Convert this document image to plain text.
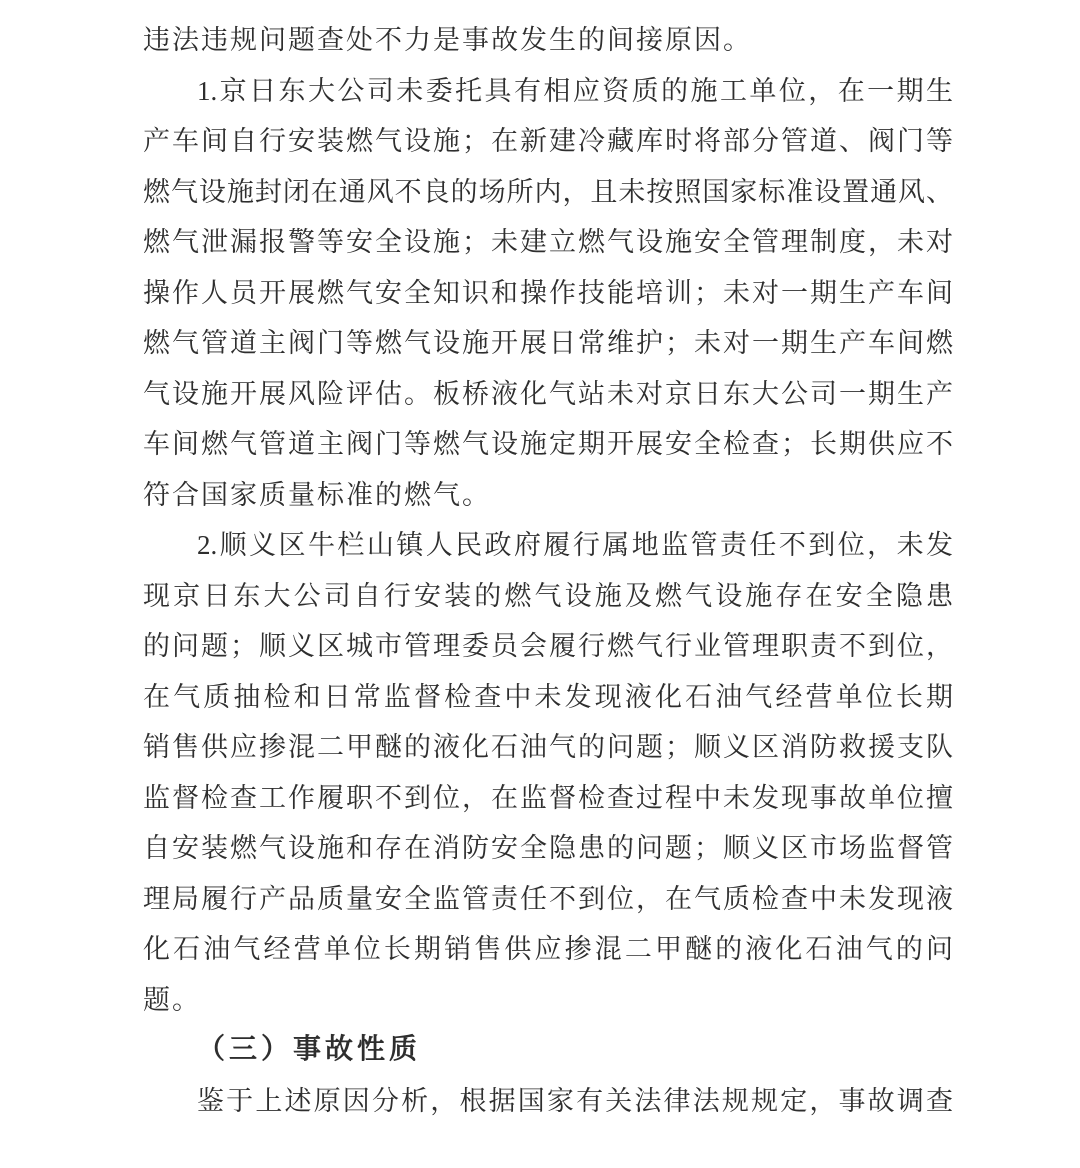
违法违规问题查处不力是事故发生的间接原因。
1.京日东大公司未委托具有相应资质的施工单位，在一期生
产车间自行安装燃气设施；在新建冷藏库时将部分管道、阀门等
燃气设施封闭在通风不良的场所内，且未按照国家标准设置通风、
燃气泄漏报警等安全设施；未建立燃气设施安全管理制度，未对
操作人员开展燃气安全知识和操作技能培训；未对一期生产车间
燃气管道主阀门等燃气设施开展日常维护；未对一期生产车间燃
气设施开展风险评估。板桥液化气站未对京日东大公司一期生产
车间燃气管道主阀门等燃气设施定期开展安全检查；长期供应不
符合国家质量标准的燃气。
2.顺义区牛栏山镇人民政府履行属地监管责任不到位，未发
现京日东大公司自行安装的燃气设施及燃气设施存在安全隐患
的问题；顺义区城市管理委员会履行燃气行业管理职责不到位，
在气质抽检和日常监督检查中未发现液化石油气经营单位长期
销售供应掺混二甲醚的液化石油气的问题；顺义区消防救援支队
监督检查工作履职不到位，在监督检查过程中未发现事故单位擅
自安装燃气设施和存在消防安全隐患的问题；顺义区市场监督管
理局履行产品质量安全监管责任不到位，在气质检查中未发现液
化石油气经营单位长期销售供应掺混二甲醚的液化石油气的问
题。
（三）事故性质
鉴于上述原因分析，根据国家有关法律法规规定，事故调查
